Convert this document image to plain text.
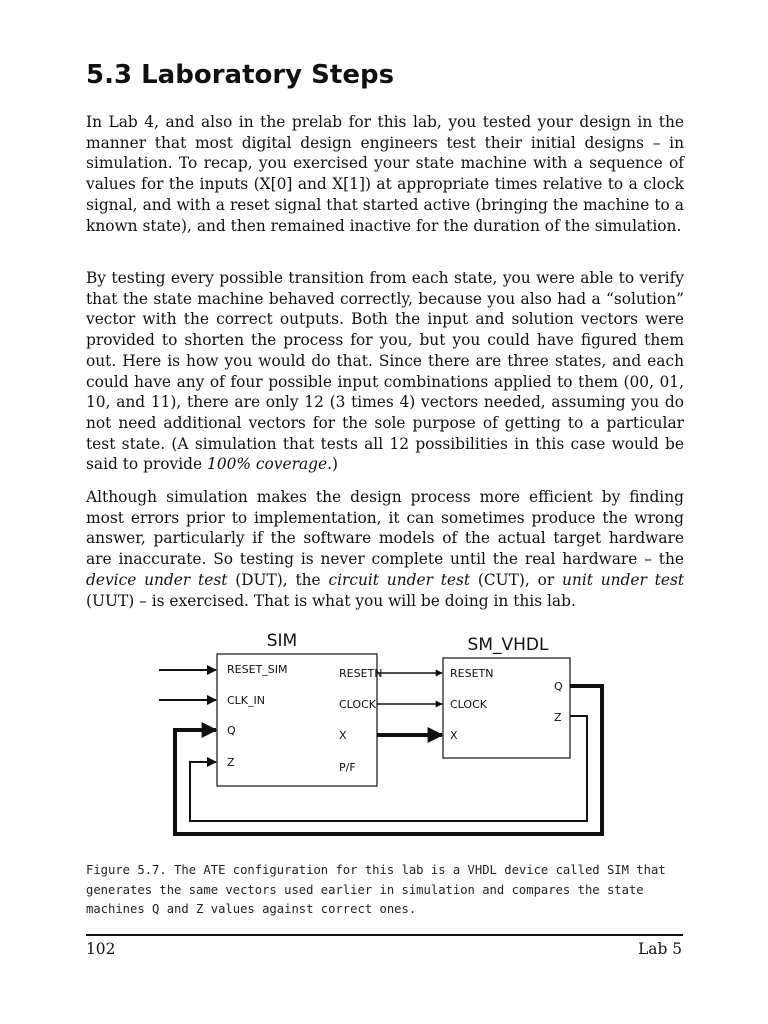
5.3 Laboratory Steps

In Lab 4, and also in the prelab for this lab, you tested your design in the manner that most digital design engineers test their initial designs – in simulation. To recap, you exercised your state machine with a sequence of values for the inputs (X[0] and X[1]) at appropriate times relative to a clock signal, and with a reset signal that started active (bringing the machine to a known state), and then remained inactive for the duration of the simulation.

By testing every possible transition from each state, you were able to verify that the state machine behaved correctly, because you also had a “solution” vector with the correct outputs. Both the input and solution vectors were provided to shorten the process for you, but you could have figured them out. Here is how you would do that. Since there are three states, and each could have any of four possible input combinations applied to them (00, 01, 10, and 11), there are only 12 (3 times 4) vectors needed, assuming you do not need additional vectors for the sole purpose of getting to a particular test state. (A simulation that tests all 12 possibilities in this case would be said to provide 100% coverage.)

Although simulation makes the design process more efficient by finding most errors prior to implementation, it can sometimes produce the wrong answer, particularly if the software models of the actual target hardware are inaccurate. So testing is never complete until the real hardware – the device under test (DUT), the circuit under test (CUT), or unit under test (UUT) – is exercised. That is what you will be doing in this lab.

SIM	SM_VHDL
RESET_SIM
CLK_IN
Q
Z
RESETN
CLOCK
X
P/F
RESETN
CLOCK
X
Q
Z

Figure 5.7. The ATE configuration for this lab is a VHDL device called SIM that generates the same vectors used earlier in simulation and compares the state machines Q and Z values against correct ones.

102	Lab 5
